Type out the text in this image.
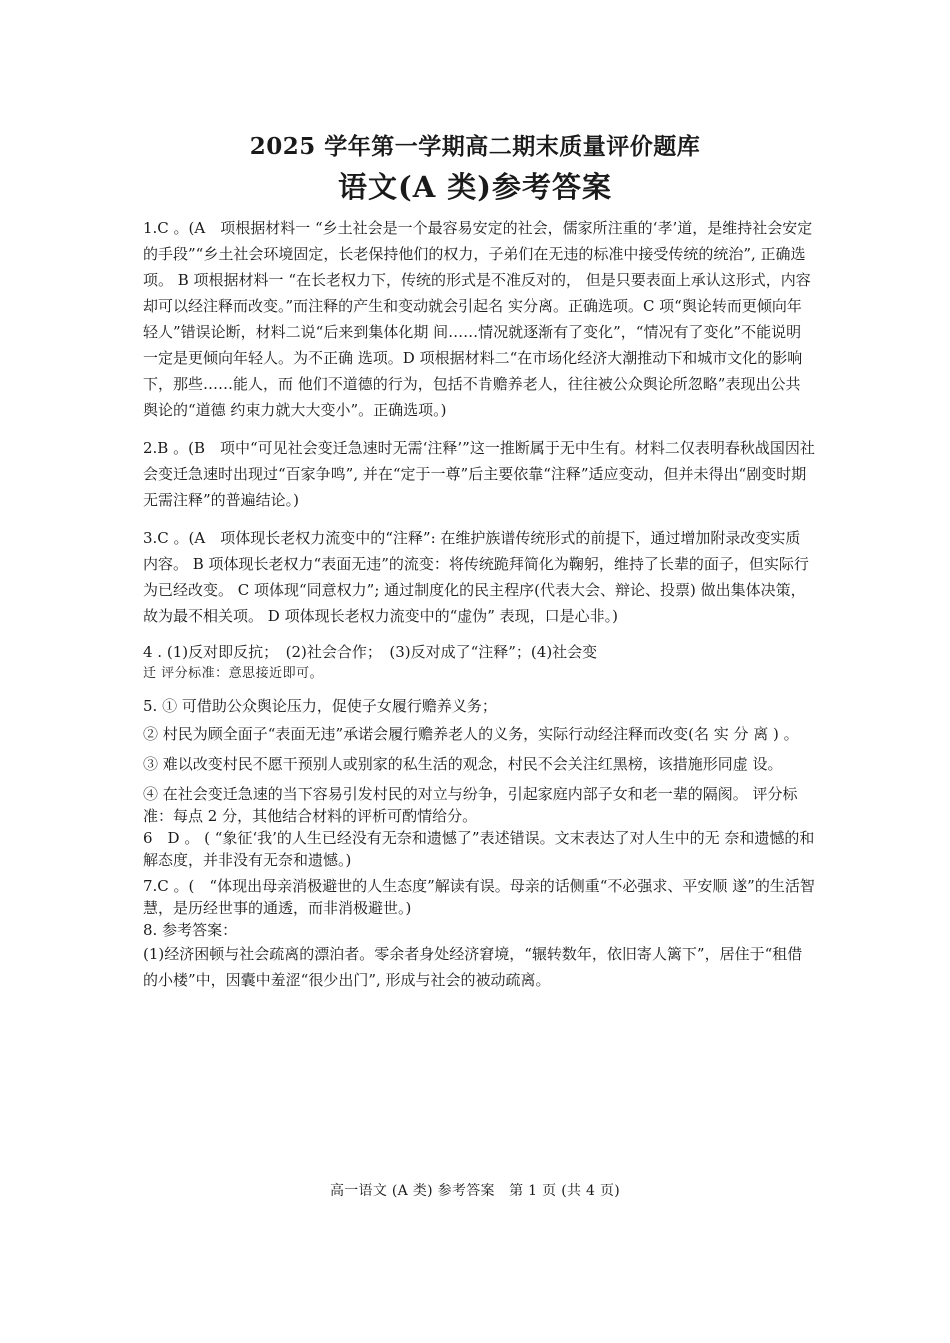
2025 学年第一学期高二期末质量评价题库
语文(A 类)参考答案

1.C 。(A　项根据材料一 “乡土社会是一个最容易安定的社会，儒家所注重的‘孝’道，是维持社会安定的手段”“乡土社会环境固定，长老保持他们的权力，子弟们在无违的标准中接受传统的统治”, 正确选项。 B 项根据材料一 “在长老权力下，传统的形式是不准反对的， 但是只要表面上承认这形式，内容却可以经注释而改变。”而注释的产生和变动就会引起名 实分离。正确选项。C 项“舆论转而更倾向年轻人”错误论断，材料二说“后来到集体化期 间……情况就逐渐有了变化”，“情况有了变化”不能说明一定是更倾向年轻人。为不正确 选项。D 项根据材料二“在市场化经济大潮推动下和城市文化的影响下，那些……能人，而 他们不道德的行为，包括不肯赡养老人，往往被公众舆论所忽略”表现出公共舆论的“道德 约束力就大大变小”。正确选项。)

2.B 。(B　项中“可见社会变迁急速时无需‘注释’”这一推断属于无中生有。材料二仅表明春秋战国因社会变迁急速时出现过“百家争鸣”, 并在“定于一尊”后主要依靠“注释”适应变动，但并未得出“剧变时期无需注释”的普遍结论。)

3.C 。(A　项体现长老权力流变中的“注释”: 在维护族谱传统形式的前提下，通过增加附录改变实质内容。 B 项体现长老权力“表面无违”的流变：将传统跪拜简化为鞠躬，维持了长辈的面子，但实际行为已经改变。 C 项体现“同意权力”; 通过制度化的民主程序(代表大会、辩论、投票) 做出集体决策，故为最不相关项。 D 项体现长老权力流变中的“虚伪” 表现，口是心非。)

4 . (1)反对即反抗；　(2)社会合作；　(3)反对成了“注释”；(4)社会变

迁 评分标准：意思接近即可。

5. ① 可借助公众舆论压力，促使子女履行赡养义务；

② 村民为顾全面子“表面无违”承诺会履行赡养老人的义务，实际行动经注释而改变(名 实 分 离 ) 。

③ 难以改变村民不愿干预别人或别家的私生活的观念，村民不会关注红黑榜，该措施形同虚 设。

④ 在社会变迁急速的当下容易引发村民的对立与纷争，引起家庭内部子女和老一辈的隔阂。 评分标准：每点 2 分，其他结合材料的评析可酌情给分。

6　D 。 ( “象征‘我’的人生已经没有无奈和遗憾了”表述错误。文末表达了对人生中的无 奈和遗憾的和解态度，并非没有无奈和遗憾。)

7.C 。(　“体现出母亲消极避世的人生态度”解读有误。母亲的话侧重“不必强求、平安顺 遂”的生活智慧，是历经世事的通透，而非消极避世。)

8. 参考答案：

(1)经济困顿与社会疏离的漂泊者。零余者身处经济窘境，“辗转数年，依旧寄人篱下”，居住于“租借的小楼”中，因囊中羞涩“很少出门”, 形成与社会的被动疏离。

高一语文 (A 类) 参考答案　第 1 页 (共 4 页)
